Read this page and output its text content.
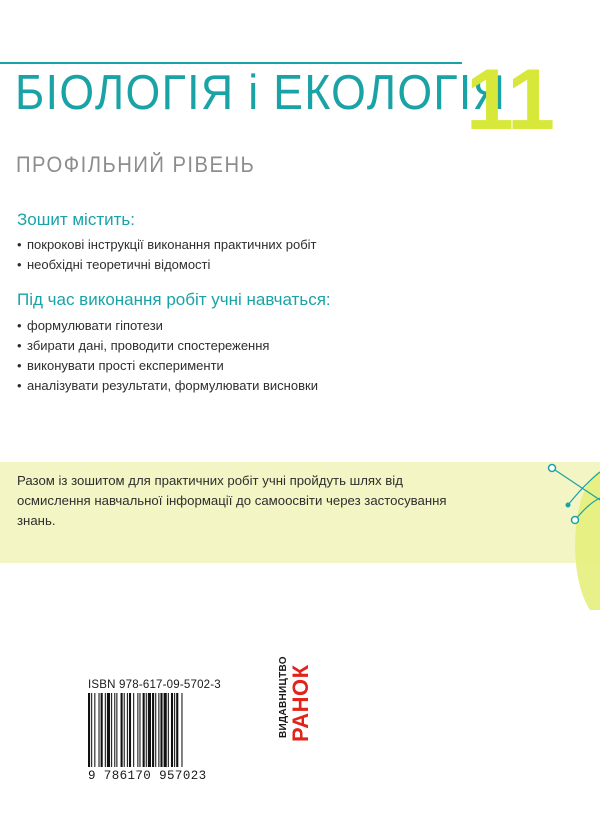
БІОЛОГІЯ і ЕКОЛОГІЯ
11
ПРОФІЛЬНИЙ РІВЕНЬ
Зошит містить:
• покрокові інструкції виконання практичних робіт
• необхідні теоретичні відомості
Під час виконання робіт учні навчаться:
• формулювати гіпотези
• збирати дані, проводити спостереження
• виконувати прості експерименти
• аналізувати результати, формулювати висновки

Разом із зошитом для практичних робіт учні пройдуть шлях від осмислення навчальної інформації до самоосвіти через застосування знань.

ISBN 978-617-09-5702-3
9 786170 957023
ВИДАВНИЦТВО РАНОК
